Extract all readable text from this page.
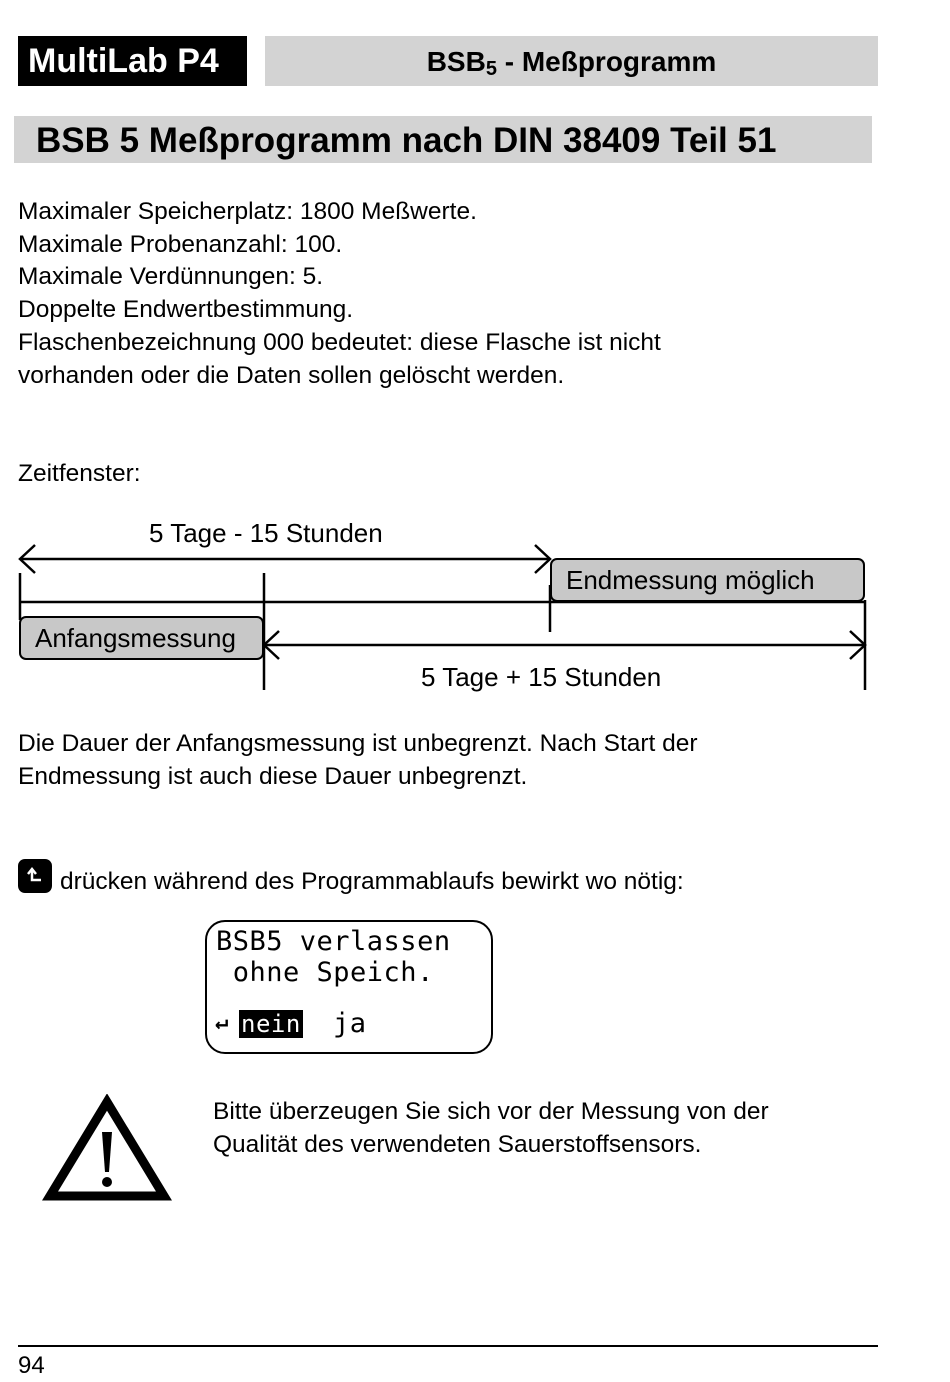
MultiLab P4	$BSB_5$ - Meßprogramm
BSB 5 Meßprogramm nach DIN 38409 Teil 51
Maximaler Speicherplatz: 1800 Meßwerte.
Maximale Probenanzahl: 100.
Maximale Verdünnungen: 5.
Doppelte Endwertbestimmung.
Flaschenbezeichnung 000 bedeutet: diese Flasche ist nicht
vorhanden oder die Daten sollen gelöscht werden.
Zeitfenster:
5 Tage - 15 Stunden
Endmessung möglich
Anfangsmessung
5 Tage + 15 Stunden
Die Dauer der Anfangsmessung ist unbegrenzt. Nach Start der
Endmessung ist auch diese Dauer unbegrenzt.
drücken während des Programmablaufs bewirkt wo nötig:
BSB5 verlassen
ohne Speich.
↵ nein ja
Bitte überzeugen Sie sich vor der Messung von der
Qualität des verwendeten Sauerstoffsensors.
94
